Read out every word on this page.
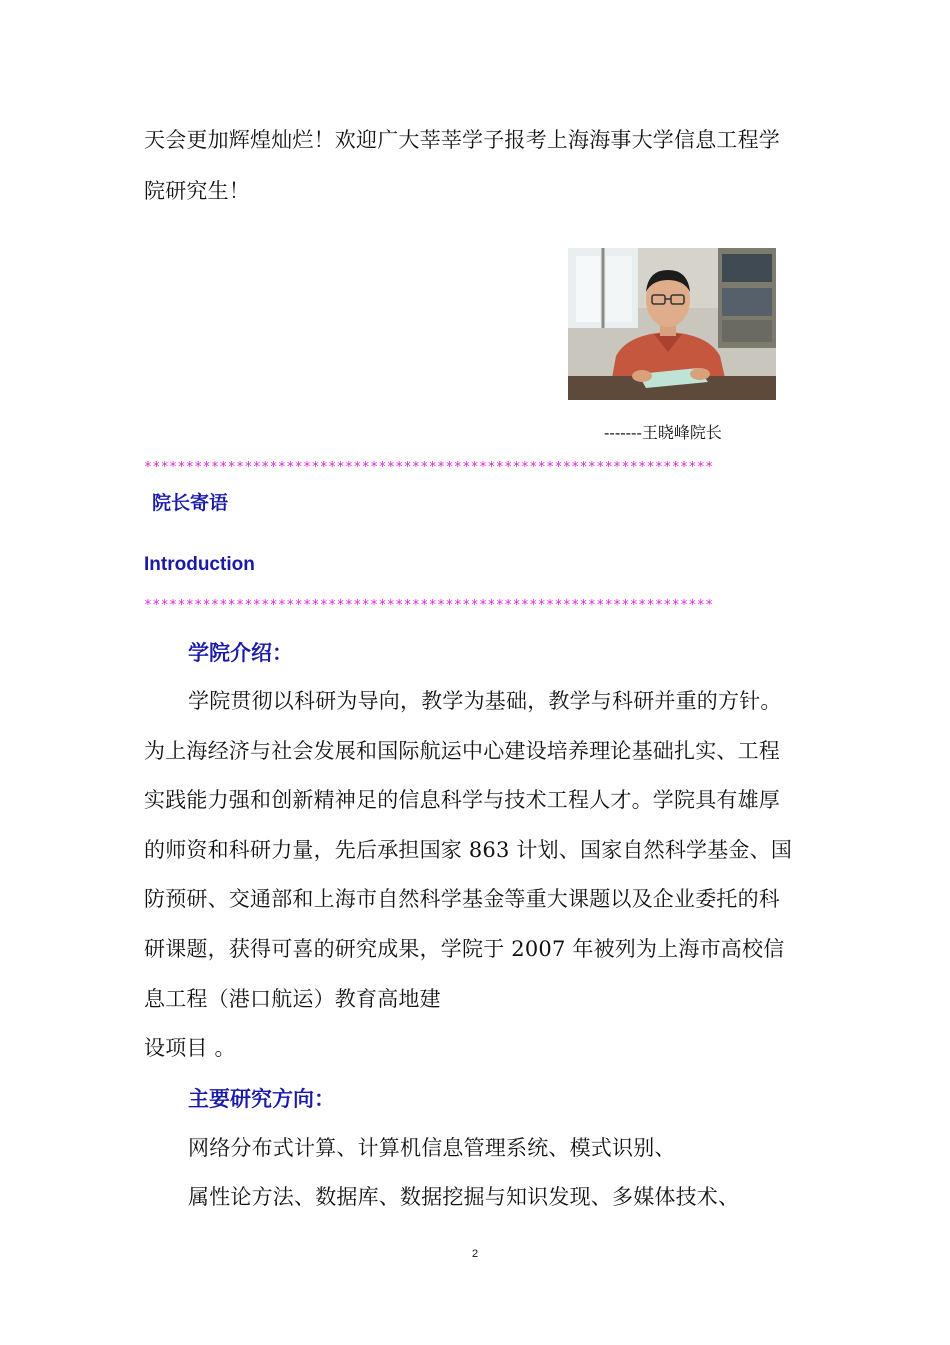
天会更加辉煌灿烂！欢迎广大莘莘学子报考上海海事大学信息工程学
院研究生！
-------王晓峰院长
********************************************************************
院长寄语
Introduction
********************************************************************
学院介绍：
学院贯彻以科研为导向，教学为基础，教学与科研并重的方针。
为上海经济与社会发展和国际航运中心建设培养理论基础扎实、工程
实践能力强和创新精神足的信息科学与技术工程人才。学院具有雄厚
的师资和科研力量，先后承担国家 863 计划、国家自然科学基金、国
防预研、交通部和上海市自然科学基金等重大课题以及企业委托的科
研课题，获得可喜的研究成果，学院于 2007 年被列为上海市高校信
息工程（港口航运）教育高地建
设项目 。
主要研究方向：
网络分布式计算、计算机信息管理系统、模式识别、
属性论方法、数据库、数据挖掘与知识发现、多媒体技术、
2
